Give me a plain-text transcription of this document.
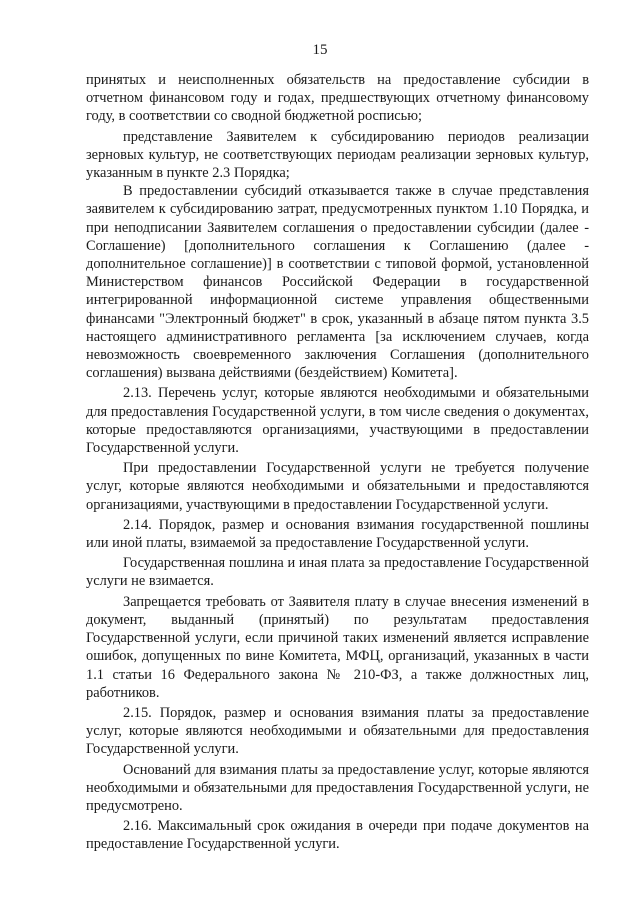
15

принятых и неисполненных обязательств на предоставление субсидии в отчетном финансовом году и годах, предшествующих отчетному финансовому году, в соответствии со сводной бюджетной росписью;

представление Заявителем к субсидированию периодов реализации зерновых культур, не соответствующих периодам реализации зерновых культур, указанным в пункте 2.3 Порядка;

В предоставлении субсидий отказывается также в случае представления заявителем к субсидированию затрат, предусмотренных пунктом 1.10 Порядка, и при неподписании Заявителем соглашения о предоставлении субсидии (далее - Соглашение) [дополнительного соглашения к Соглашению (далее - дополнительное соглашение)] в соответствии с типовой формой, установленной Министерством финансов Российской Федерации в государственной интегрированной информационной системе управления общественными финансами "Электронный бюджет" в срок, указанный в абзаце пятом пункта 3.5 настоящего административного регламента [за исключением случаев, когда невозможность своевременного заключения Соглашения (дополнительного соглашения) вызвана действиями (бездействием) Комитета].

2.13. Перечень услуг, которые являются необходимыми и обязательными для предоставления Государственной услуги, в том числе сведения о документах, которые предоставляются организациями, участвующими в предоставлении Государственной услуги.

При предоставлении Государственной услуги не требуется получение услуг, которые являются необходимыми и обязательными и предоставляются организациями, участвующими в предоставлении Государственной услуги.

2.14. Порядок, размер и основания взимания государственной пошлины или иной платы, взимаемой за предоставление Государственной услуги.

Государственная пошлина и иная плата за предоставление Государственной услуги не взимается.

Запрещается требовать от Заявителя плату в случае внесения изменений в документ, выданный (принятый) по результатам предоставления Государственной услуги, если причиной таких изменений является исправление ошибок, допущенных по вине Комитета, МФЦ, организаций, указанных в части 1.1 статьи 16 Федерального закона № 210-ФЗ, а также должностных лиц, работников.

2.15. Порядок, размер и основания взимания платы за предоставление услуг, которые являются необходимыми и обязательными для предоставления Государственной услуги.

Оснований для взимания платы за предоставление услуг, которые являются необходимыми и обязательными для предоставления Государственной услуги, не предусмотрено.

2.16. Максимальный срок ожидания в очереди при подаче документов на предоставление Государственной услуги.
